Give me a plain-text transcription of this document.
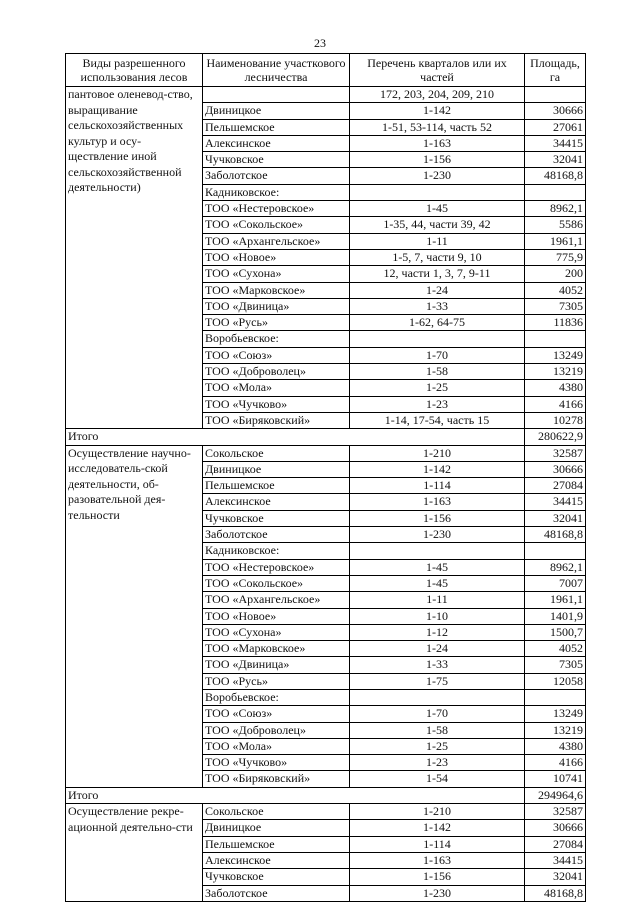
23
Виды разрешенного использования лесов	Наименование участкового лесничества	Перечень кварталов или их частей	Площадь, га
пантовое оленевод-ство, выращивание сельскохозяйственных культур и осу-ществление иной сельскохозяйственной деятельности)		172, 203, 204, 209, 210	
	Двиницкое	1-142	30666
	Пельшемское	1-51, 53-114, часть 52	27061
	Алексинское	1-163	34415
	Чучковское	1-156	32041
	Заболотское	1-230	48168,8
	Кадниковское:		
	ТОО «Нестеровское»	1-45	8962,1
	ТОО «Сокольское»	1-35, 44, части 39, 42	5586
	ТОО «Архангельское»	1-11	1961,1
	ТОО «Новое»	1-5, 7, части 9, 10	775,9
	ТОО «Сухона»	12, части 1, 3, 7, 9-11	200
	ТОО «Марковское»	1-24	4052
	ТОО «Двиница»	1-33	7305
	ТОО «Русь»	1-62, 64-75	11836
	Воробьевское:		
	ТОО «Союз»	1-70	13249
	ТОО «Доброволец»	1-58	13219
	ТОО «Мола»	1-25	4380
	ТОО «Чучково»	1-23	4166
	ТОО «Биряковский»	1-14, 17-54, часть 15	10278
Итого			280622,9
Осуществление научно-исследователь-ской деятельности, об-разовательной дея-тельности	Сокольское	1-210	32587
	Двиницкое	1-142	30666
	Пельшемское	1-114	27084
	Алексинское	1-163	34415
	Чучковское	1-156	32041
	Заболотское	1-230	48168,8
	Кадниковское:		
	ТОО «Нестеровское»	1-45	8962,1
	ТОО «Сокольское»	1-45	7007
	ТОО «Архангельское»	1-11	1961,1
	ТОО «Новое»	1-10	1401,9
	ТОО «Сухона»	1-12	1500,7
	ТОО «Марковское»	1-24	4052
	ТОО «Двиница»	1-33	7305
	ТОО «Русь»	1-75	12058
	Воробьевское:		
	ТОО «Союз»	1-70	13249
	ТОО «Доброволец»	1-58	13219
	ТОО «Мола»	1-25	4380
	ТОО «Чучково»	1-23	4166
	ТОО «Биряковский»	1-54	10741
Итого			294964,6
Осуществление рекре-ационной деятельно-сти	Сокольское	1-210	32587
	Двиницкое	1-142	30666
	Пельшемское	1-114	27084
	Алексинское	1-163	34415
	Чучковское	1-156	32041
	Заболотское	1-230	48168,8
